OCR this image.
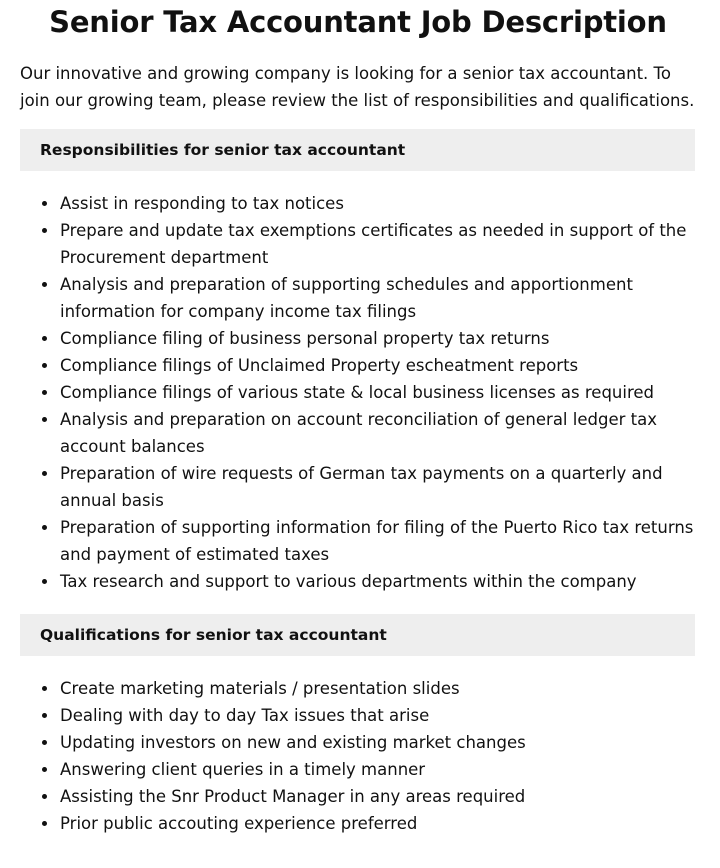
Senior Tax Accountant Job Description

Our innovative and growing company is looking for a senior tax accountant. To join our growing team, please review the list of responsibilities and qualifications.

Responsibilities for senior tax accountant
Assist in responding to tax notices
Prepare and update tax exemptions certificates as needed in support of the Procurement department
Analysis and preparation of supporting schedules and apportionment information for company income tax filings
Compliance filing of business personal property tax returns
Compliance filings of Unclaimed Property escheatment reports
Compliance filings of various state & local business licenses as required
Analysis and preparation on account reconciliation of general ledger tax account balances
Preparation of wire requests of German tax payments on a quarterly and annual basis
Preparation of supporting information for filing of the Puerto Rico tax returns and payment of estimated taxes
Tax research and support to various departments within the company
Qualifications for senior tax accountant
Create marketing materials / presentation slides
Dealing with day to day Tax issues that arise
Updating investors on new and existing market changes
Answering client queries in a timely manner
Assisting the Snr Product Manager in any areas required
Prior public accouting experience preferred
